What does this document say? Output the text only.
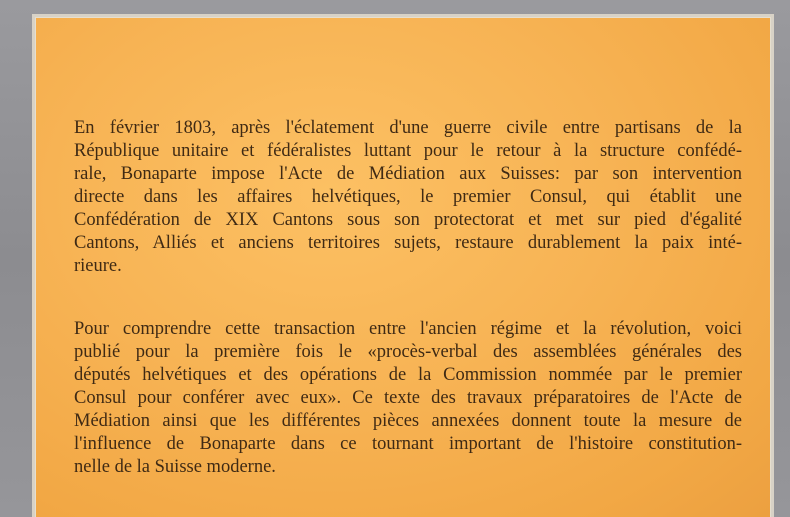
En février 1803, après l'éclatement d'une guerre civile entre partisans de la
République unitaire et fédéralistes luttant pour le retour à la structure confédé-
rale, Bonaparte impose l'Acte de Médiation aux Suisses: par son intervention
directe dans les affaires helvétiques, le premier Consul, qui établit une
Confédération de XIX Cantons sous son protectorat et met sur pied d'égalité
Cantons, Alliés et anciens territoires sujets, restaure durablement la paix inté-
rieure.
Pour comprendre cette transaction entre l'ancien régime et la révolution, voici
publié pour la première fois le «procès-verbal des assemblées générales des
députés helvétiques et des opérations de la Commission nommée par le premier
Consul pour conférer avec eux». Ce texte des travaux préparatoires de l'Acte de
Médiation ainsi que les différentes pièces annexées donnent toute la mesure de
l'influence de Bonaparte dans ce tournant important de l'histoire constitution-
nelle de la Suisse moderne.
